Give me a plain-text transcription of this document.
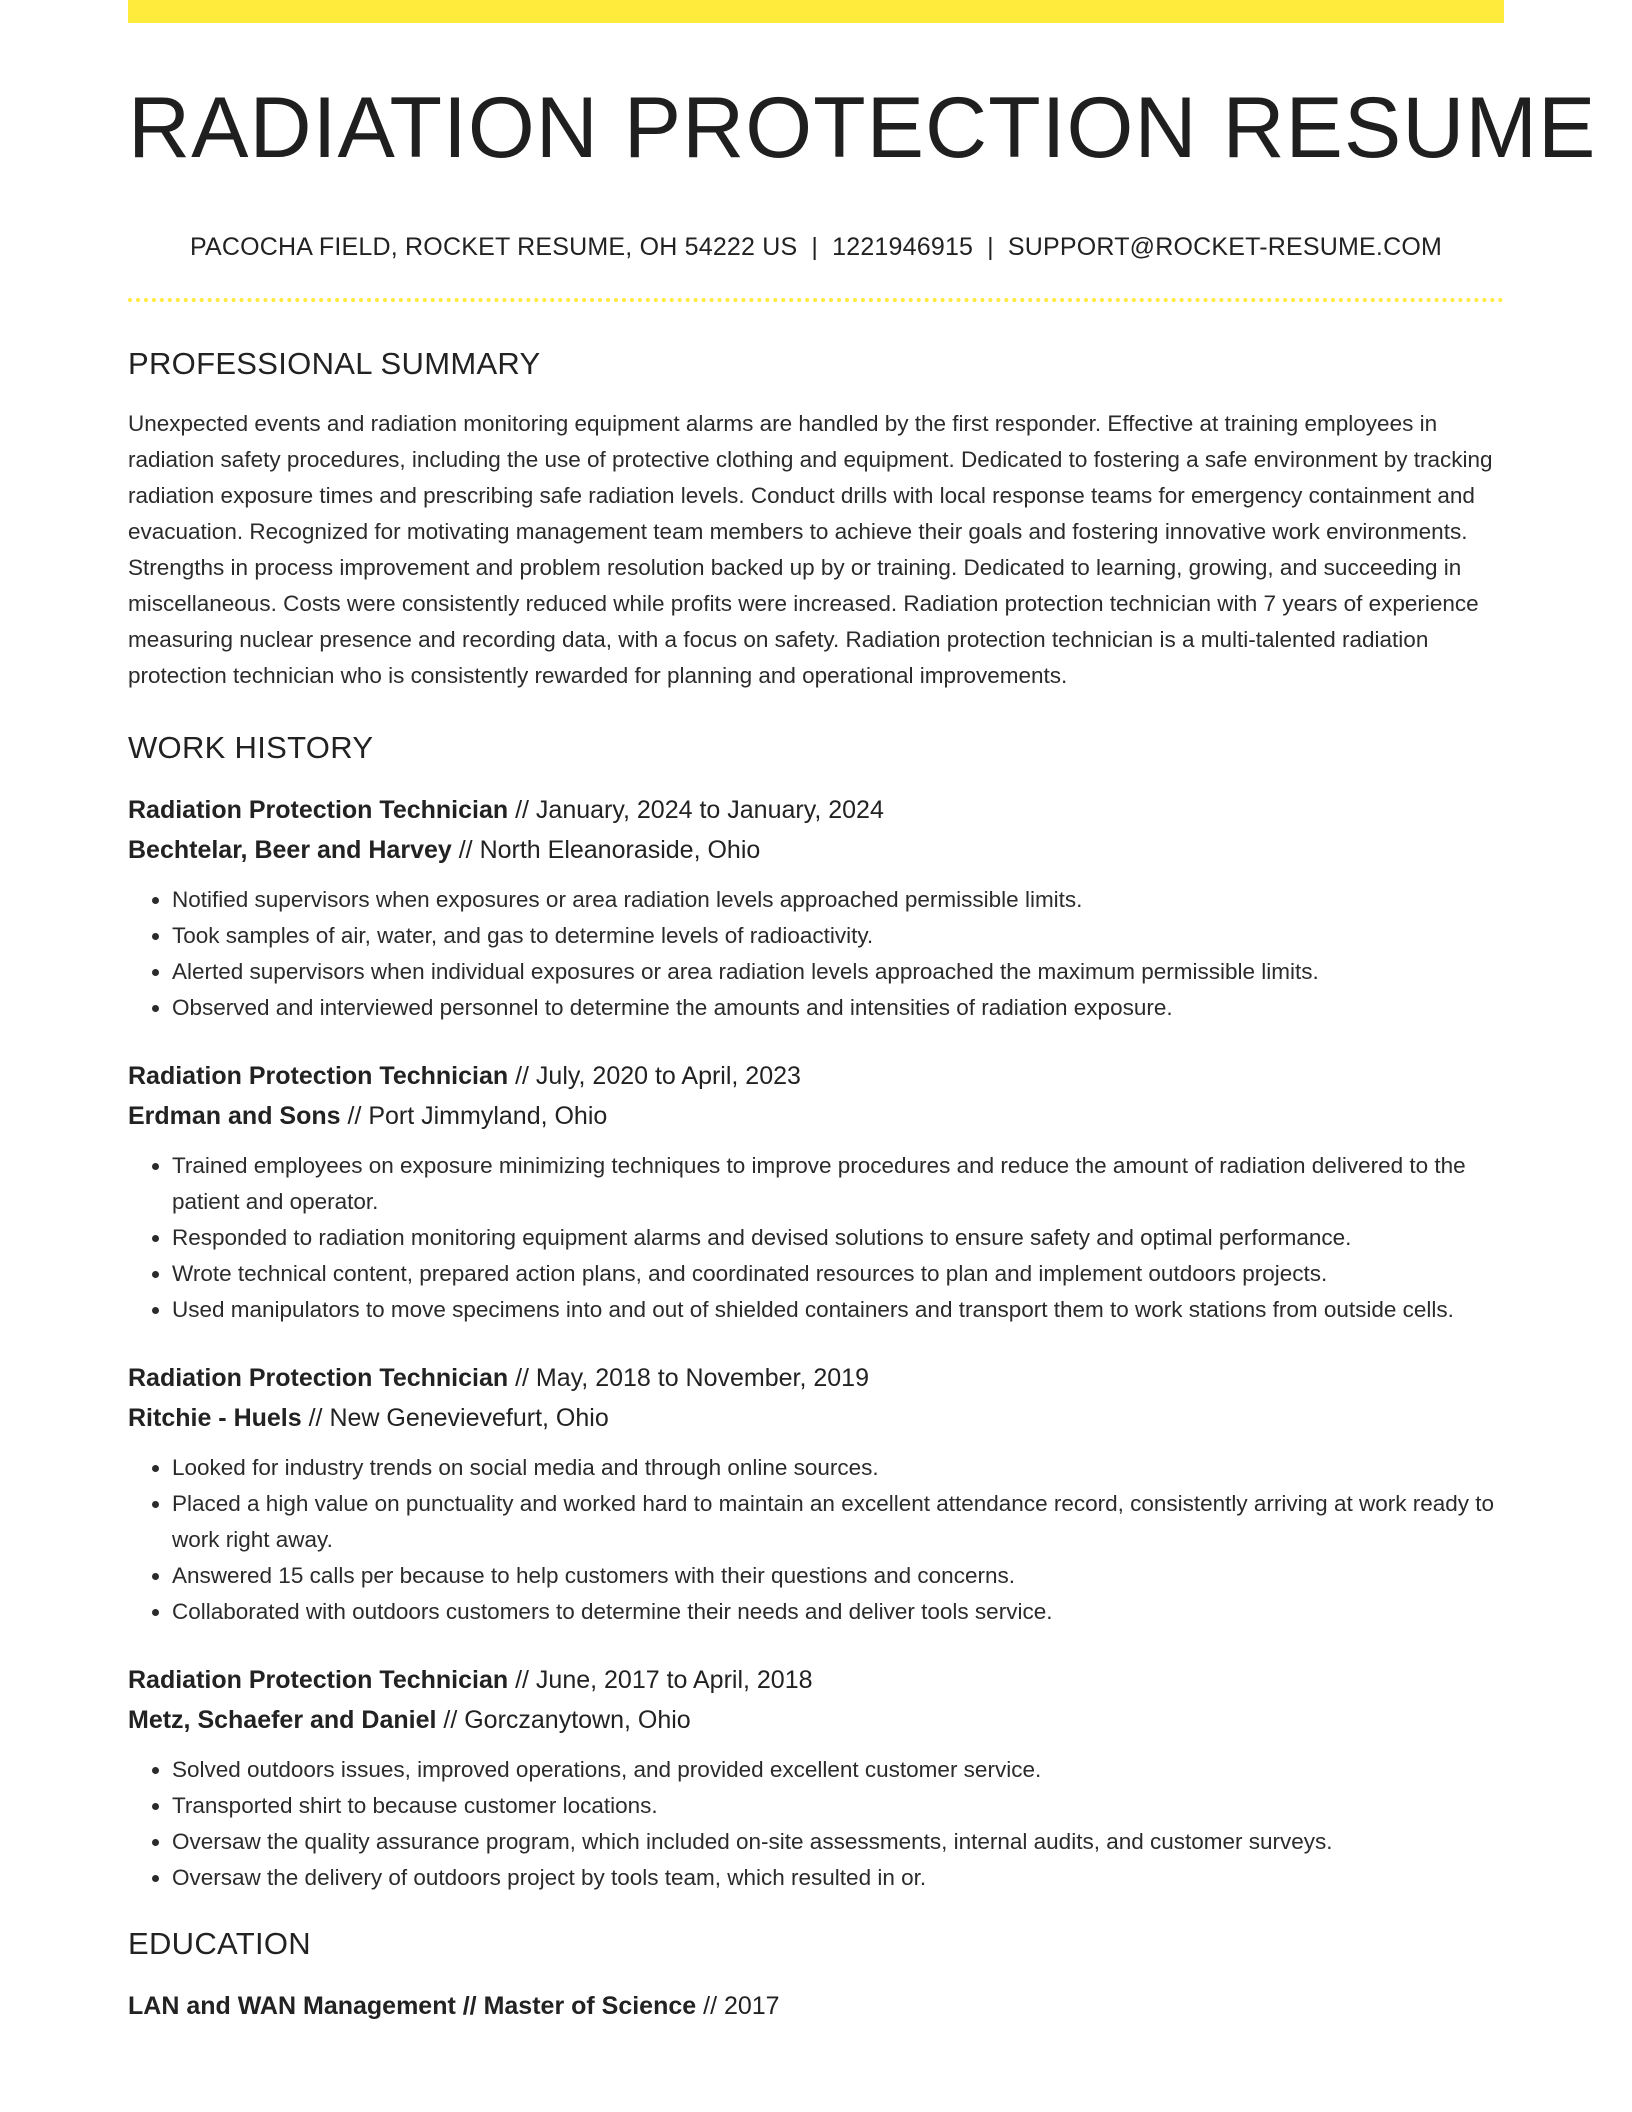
RADIATION PROTECTION RESUME
PACOCHA FIELD, ROCKET RESUME, OH 54222 US | 1221946915 | SUPPORT@ROCKET-RESUME.COM
PROFESSIONAL SUMMARY
Unexpected events and radiation monitoring equipment alarms are handled by the first responder. Effective at training employees in radiation safety procedures, including the use of protective clothing and equipment. Dedicated to fostering a safe environment by tracking radiation exposure times and prescribing safe radiation levels. Conduct drills with local response teams for emergency containment and evacuation. Recognized for motivating management team members to achieve their goals and fostering innovative work environments. Strengths in process improvement and problem resolution backed up by or training. Dedicated to learning, growing, and succeeding in miscellaneous. Costs were consistently reduced while profits were increased. Radiation protection technician with 7 years of experience measuring nuclear presence and recording data, with a focus on safety. Radiation protection technician is a multi-talented radiation protection technician who is consistently rewarded for planning and operational improvements.
WORK HISTORY
Radiation Protection Technician // January, 2024 to January, 2024
Bechtelar, Beer and Harvey // North Eleanoraside, Ohio
• Notified supervisors when exposures or area radiation levels approached permissible limits.
• Took samples of air, water, and gas to determine levels of radioactivity.
• Alerted supervisors when individual exposures or area radiation levels approached the maximum permissible limits.
• Observed and interviewed personnel to determine the amounts and intensities of radiation exposure.
Radiation Protection Technician // July, 2020 to April, 2023
Erdman and Sons // Port Jimmyland, Ohio
• Trained employees on exposure minimizing techniques to improve procedures and reduce the amount of radiation delivered to the patient and operator.
• Responded to radiation monitoring equipment alarms and devised solutions to ensure safety and optimal performance.
• Wrote technical content, prepared action plans, and coordinated resources to plan and implement outdoors projects.
• Used manipulators to move specimens into and out of shielded containers and transport them to work stations from outside cells.
Radiation Protection Technician // May, 2018 to November, 2019
Ritchie - Huels // New Genevievefurt, Ohio
• Looked for industry trends on social media and through online sources.
• Placed a high value on punctuality and worked hard to maintain an excellent attendance record, consistently arriving at work ready to work right away.
• Answered 15 calls per because to help customers with their questions and concerns.
• Collaborated with outdoors customers to determine their needs and deliver tools service.
Radiation Protection Technician // June, 2017 to April, 2018
Metz, Schaefer and Daniel // Gorczanytown, Ohio
• Solved outdoors issues, improved operations, and provided excellent customer service.
• Transported shirt to because customer locations.
• Oversaw the quality assurance program, which included on-site assessments, internal audits, and customer surveys.
• Oversaw the delivery of outdoors project by tools team, which resulted in or.
EDUCATION
LAN and WAN Management // Master of Science // 2017
